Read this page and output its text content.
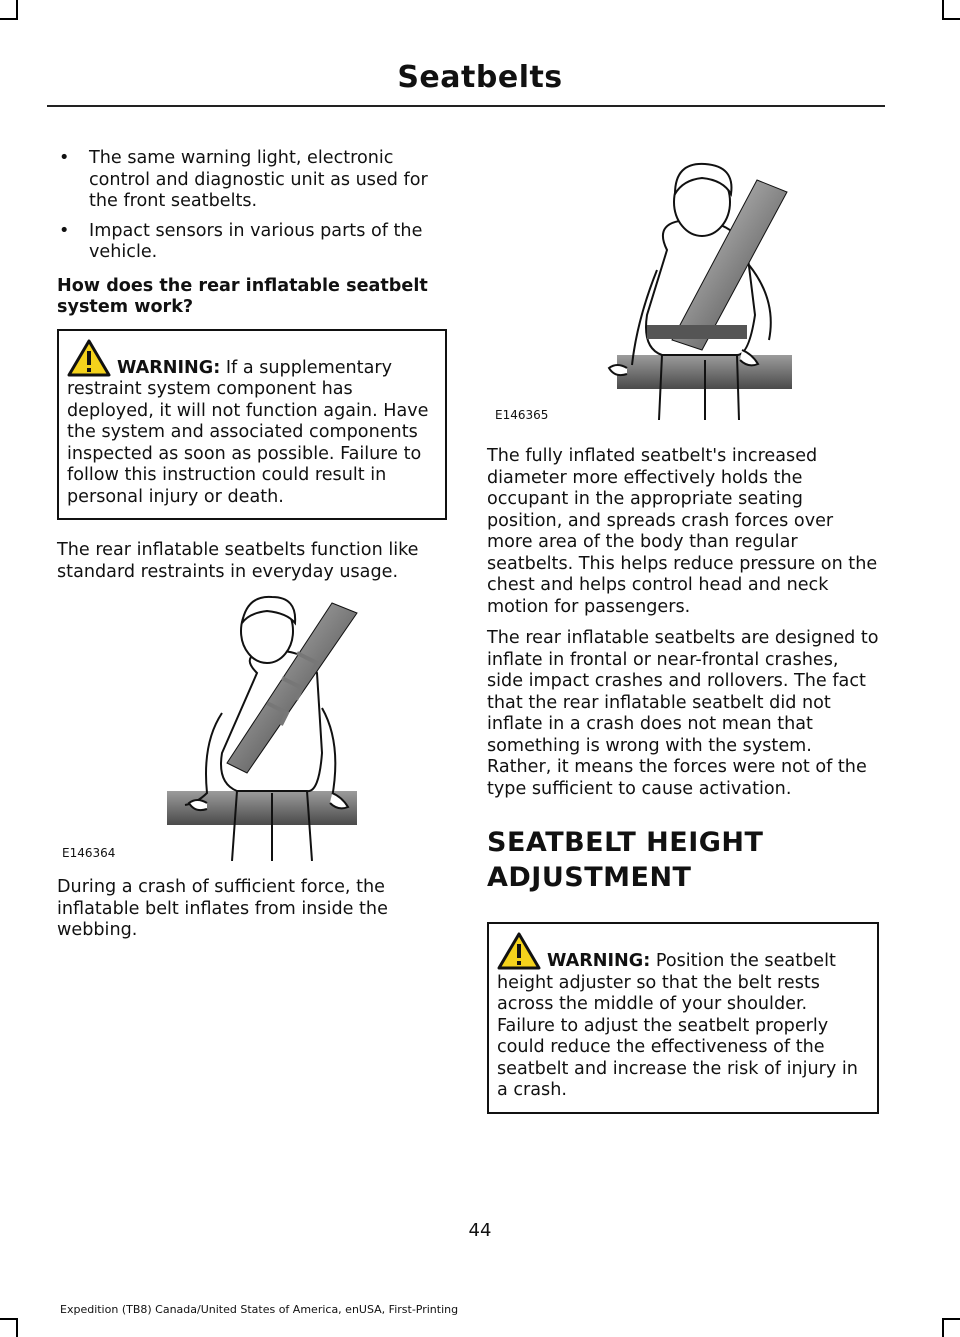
Seatbelts
• The same warning light, electronic control and diagnostic unit as used for the front seatbelts.
• Impact sensors in various parts of the vehicle.

How does the rear inflatable seatbelt system work?

WARNING: If a supplementary restraint system component has deployed, it will not function again. Have the system and associated components inspected as soon as possible. Failure to follow this instruction could result in personal injury or death.

The rear inflatable seatbelts function like standard restraints in everyday usage.

E146364

During a crash of sufficient force, the inflatable belt inflates from inside the webbing.

E146365

The fully inflated seatbelt's increased diameter more effectively holds the occupant in the appropriate seating position, and spreads crash forces over more area of the body than regular seatbelts. This helps reduce pressure on the chest and helps control head and neck motion for passengers.

The rear inflatable seatbelts are designed to inflate in frontal or near-frontal crashes, side impact crashes and rollovers. The fact that the rear inflatable seatbelt did not inflate in a crash does not mean that something is wrong with the system. Rather, it means the forces were not of the type sufficient to cause activation.

SEATBELT HEIGHT
ADJUSTMENT
WARNING: Position the seatbelt height adjuster so that the belt rests across the middle of your shoulder. Failure to adjust the seatbelt properly could reduce the effectiveness of the seatbelt and increase the risk of injury in a crash.
44
Expedition (TB8) Canada/United States of America, enUSA, First-Printing
